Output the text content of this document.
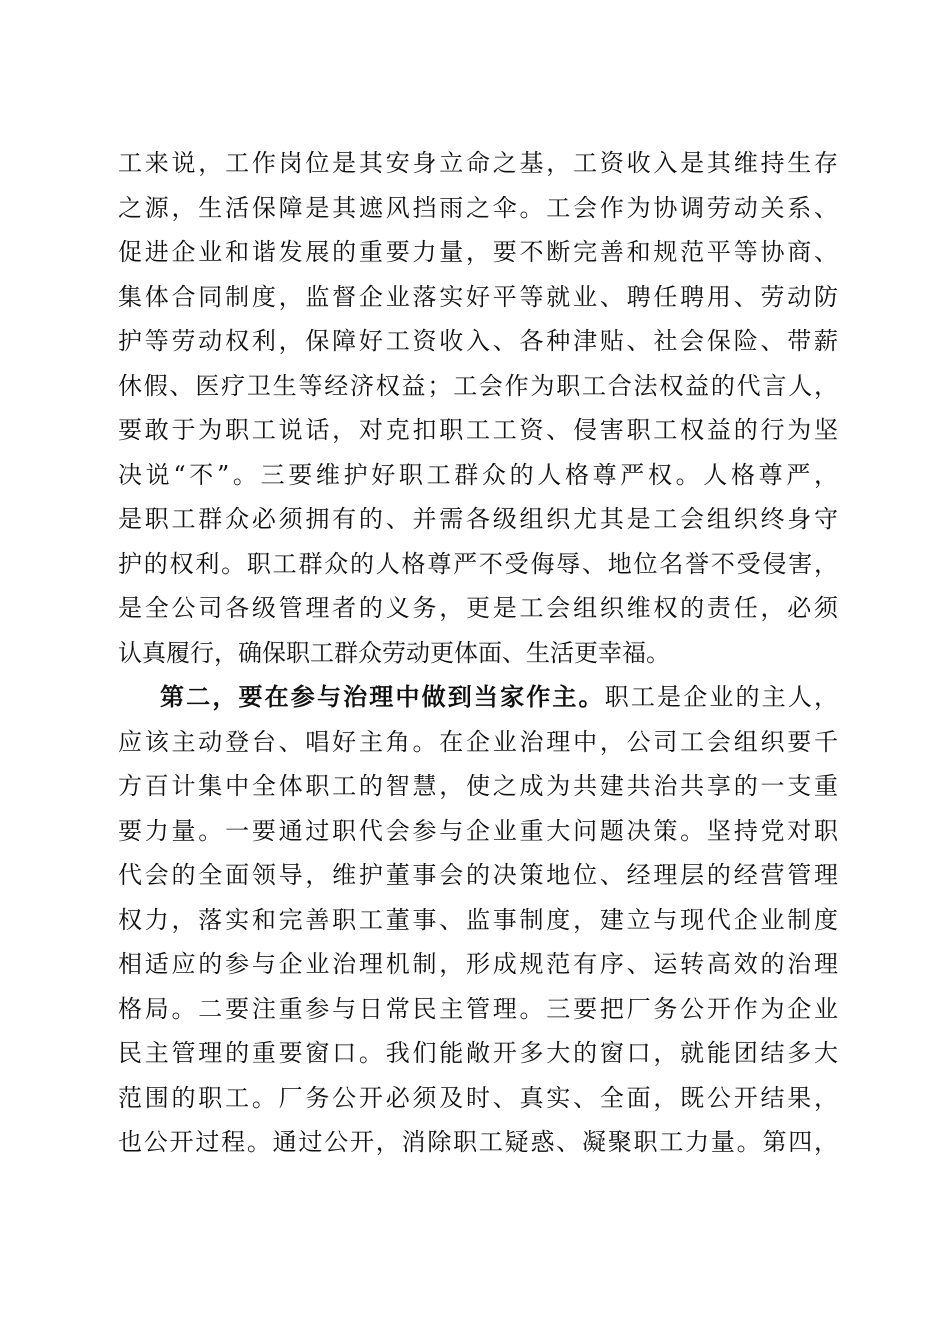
工来说，工作岗位是其安身立命之基，工资收入是其维持生存
之源，生活保障是其遮风挡雨之伞。工会作为协调劳动关系、
促进企业和谐发展的重要力量，要不断完善和规范平等协商、
集体合同制度，监督企业落实好平等就业、聘任聘用、劳动防
护等劳动权利，保障好工资收入、各种津贴、社会保险、带薪
休假、医疗卫生等经济权益；工会作为职工合法权益的代言人，
要敢于为职工说话，对克扣职工工资、侵害职工权益的行为坚
决说“不”。三要维护好职工群众的人格尊严权。人格尊严，
是职工群众必须拥有的、并需各级组织尤其是工会组织终身守
护的权利。职工群众的人格尊严不受侮辱、地位名誉不受侵害，
是全公司各级管理者的义务，更是工会组织维权的责任，必须
认真履行，确保职工群众劳动更体面、生活更幸福。
第二，要在参与治理中做到当家作主。职工是企业的主人，
应该主动登台、唱好主角。在企业治理中，公司工会组织要千
方百计集中全体职工的智慧，使之成为共建共治共享的一支重
要力量。一要通过职代会参与企业重大问题决策。坚持党对职
代会的全面领导，维护董事会的决策地位、经理层的经营管理
权力，落实和完善职工董事、监事制度，建立与现代企业制度
相适应的参与企业治理机制，形成规范有序、运转高效的治理
格局。二要注重参与日常民主管理。三要把厂务公开作为企业
民主管理的重要窗口。我们能敞开多大的窗口，就能团结多大
范围的职工。厂务公开必须及时、真实、全面，既公开结果，
也公开过程。通过公开，消除职工疑惑、凝聚职工力量。第四，
